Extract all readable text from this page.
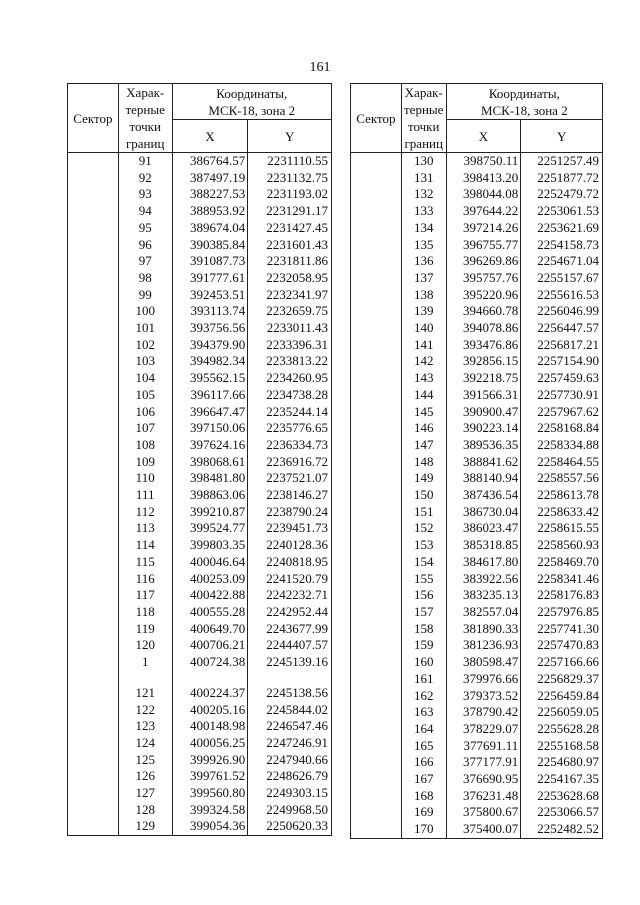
161
Сектор	Харак-
терные
точки
границ	Координаты,
МСК-18, зона 2	
		X	Y
	91	386764.57	2231110.55
	92	387497.19	2231132.75
	93	388227.53	2231193.02
	94	388953.92	2231291.17
	95	389674.04	2231427.45
	96	390385.84	2231601.43
	97	391087.73	2231811.86
	98	391777.61	2232058.95
	99	392453.51	2232341.97
	100	393113.74	2232659.75
	101	393756.56	2233011.43
	102	394379.90	2233396.31
	103	394982.34	2233813.22
	104	395562.15	2234260.95
	105	396117.66	2234738.28
	106	396647.47	2235244.14
	107	397150.06	2235776.65
	108	397624.16	2236334.73
	109	398068.61	2236916.72
	110	398481.80	2237521.07
	111	398863.06	2238146.27
	112	399210.87	2238790.24
	113	399524.77	2239451.73
	114	399803.35	2240128.36
	115	400046.64	2240818.95
	116	400253.09	2241520.79
	117	400422.88	2242232.71
	118	400555.28	2242952.44
	119	400649.70	2243677.99
	120	400706.21	2244407.57
	1	400724.38	2245139.16

	121	400224.37	2245138.56
	122	400205.16	2245844.02
	123	400148.98	2246547.46
	124	400056.25	2247246.91
	125	399926.90	2247940.66
	126	399761.52	2248626.79
	127	399560.80	2249303.15
	128	399324.58	2249968.50
	129	399054.36	2250620.33
Сектор	Харак-
терные
точки
границ	Координаты,
МСК-18, зона 2	
		X	Y
	130	398750.11	2251257.49
	131	398413.20	2251877.72
	132	398044.08	2252479.72
	133	397644.22	2253061.53
	134	397214.26	2253621.69
	135	396755.77	2254158.73
	136	396269.86	2254671.04
	137	395757.76	2255157.67
	138	395220.96	2255616.53
	139	394660.78	2256046.99
	140	394078.86	2256447.57
	141	393476.86	2256817.21
	142	392856.15	2257154.90
	143	392218.75	2257459.63
	144	391566.31	2257730.91
	145	390900.47	2257967.62
	146	390223.14	2258168.84
	147	389536.35	2258334.88
	148	388841.62	2258464.55
	149	388140.94	2258557.56
	150	387436.54	2258613.78
	151	386730.04	2258633.42
	152	386023.47	2258615.55
	153	385318.85	2258560.93
	154	384617.80	2258469.70
	155	383922.56	2258341.46
	156	383235.13	2258176.83
	157	382557.04	2257976.85
	158	381890.33	2257741.30
	159	381236.93	2257470.83
	160	380598.47	2257166.66
	161	379976.66	2256829.37
	162	379373.52	2256459.84
	163	378790.42	2256059.05
	164	378229.07	2255628.28
	165	377691.11	2255168.58
	166	377177.91	2254680.97
	167	376690.95	2254167.35
	168	376231.48	2253628.68
	169	375800.67	2253066.57
	170	375400.07	2252482.52
